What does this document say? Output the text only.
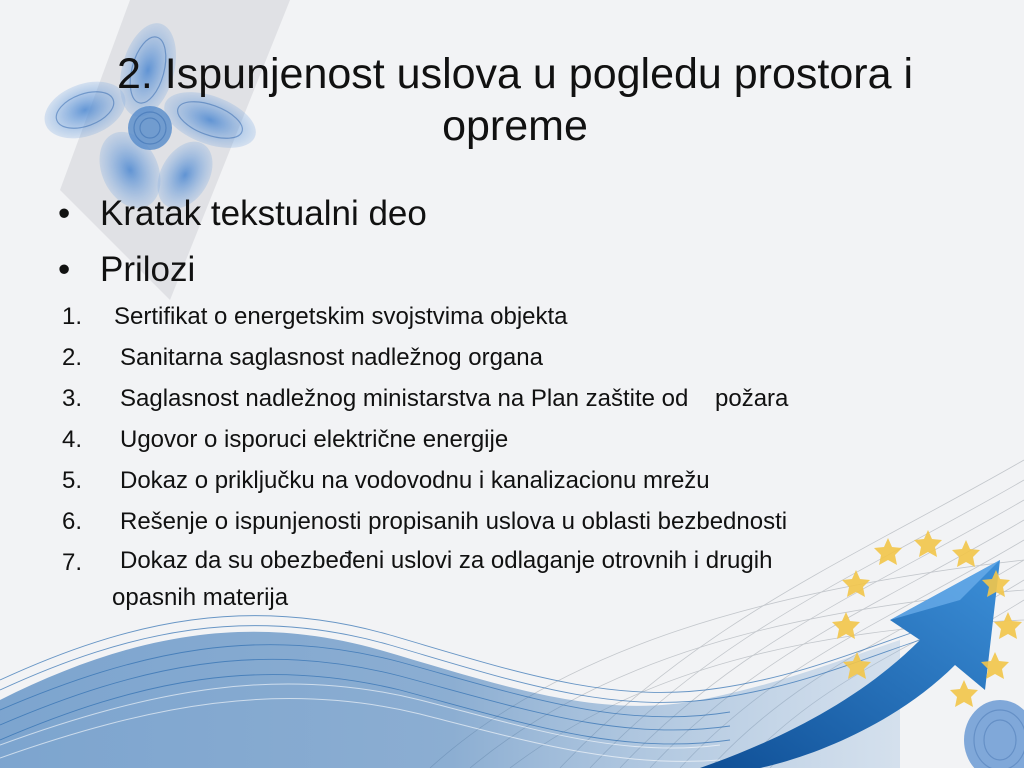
2. Ispunjenost uslova u pogledu prostora i opreme
• Kratak tekstualni deo
• Prilozi
1. Sertifikat o energetskim svojstvima objekta
2. Sanitarna saglasnost nadležnog organa
3. Saglasnost nadležnog ministarstva na Plan zaštite od    požara
4. Ugovor o isporuci električne energije
5. Dokaz o priključku na vodovodnu i kanalizacionu mrežu
6. Rešenje o ispunjenosti propisanih uslova u oblasti bezbednosti
7. Dokaz da su obezbeđeni uslovi za odlaganje otrovnih i drugih
opasnih materija
